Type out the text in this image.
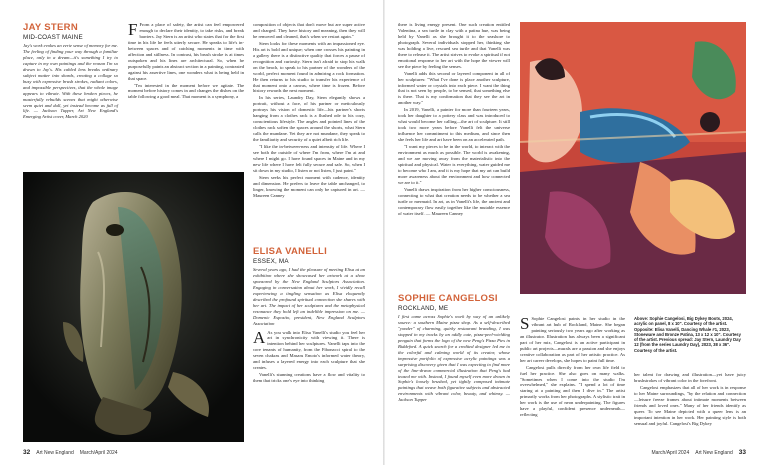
JAY STERN

MID-COAST MAINE

Jay's work evokes an eerie sense of memory for me. The feeling of finding your way through a familiar place, only in a dream—it's something I try to capture in my own paintings and the reason I'm so drawn to Jay's. His cabled lens breaks ordinary subject matter into shards, creating a collage so busy with expressive brush strokes, radiant colors, and impossible perspectives, that the whole image appears to vibrate. With these broken pieces, he masterfully rebuilds scenes that might otherwise seem quiet and dull, yet instead become as full of life. — Jackson Tupper, Art New England's Emerging Artist cover, March 2020

F From a place of safety, the artist can feel empowered enough to declare their identity, to take risks, and break barriers. Jay Stern is an artist who states that for the first time in his life he feels utterly secure. He speaks to life's in-between spaces and of catching moments in time with affection and stillness. In contrast, his brush stroke is at times outspoken and his lines are architectural. So, when he purposefully paints an abstract section in a painting, contrasted against his assertive lines, one wonders what is being held in that space.

"I'm interested in the moment before we agitate. The moment before history comes in and changes the dishes on the table following a good meal. That moment is a symphony, a

composition of objects that don't move but are super active and charged. They have history and meaning, then they will be removed and cleaned, that's when we restart again."

Stern looks for these moments with an impassioned eye. His art is bold and unique; when one crosses his painting in a gallery there is a distinctive quality that forces a pause of recognition and curiosity. Stern isn't afraid to stop his walk on the beach, to speak to his partner of the wonders of the world, perfect moment found in admiring a rock formation. He then returns to his studio to transfer his experience of that moment onto a canvas, where time is frozen. Before history rewards the next moment.

In his series, Laundry Day, Stern elegantly shows a portrait, without a face, of his partner or meticulously portrays his vision of domestic life—his partner's shorts hanging from a clothes rack is a flushed ode to his cozy, conscientious lifestyle. The angles and pointed lines of the clothes rack soften the spaces around the shorts, what Stern calls the mundane. Yet they are not mundane, they speak to the familiarity and security of a quiet albeit rich life.

"I like the in-between-ness and intensity of life. Where I see both the outside of where I'm from, where I'm at and where I might go. I have found spaces in Maine and in my new life where I have felt fully secure and safe. So, when I sit down in my studio, I listen or not listen, I just paint."

Stern seeks his perfect moment with cadence, identity and dimension. He prefers to leave the table unchanged, to linger, knowing the moment can only be captured in art. — Maureen Canney

ELISA VANELLI

ESSEX, MA

Several years ago, I had the pleasure of meeting Elisa at an exhibition where she showcased her artwork at a show sponsored by the New England Sculptors Association. Engaging in conversation about her work, I vividly recall experiencing a tingling sensation as Elisa eloquently described the profound spiritual connection she shares with her art. The impact of her sculptures and the metaphysical resonance they hold left an indelible impression on me. — Domenic Esposito, president, New England Sculptors Association

A As you walk into Elisa Vanelli's studio you feel her art in synchronicity with viewing it. There is intention behind her sculptures. Vanelli taps into the core tenants of humanity, from the Fibonacci spiral to the seven chakras and Masaru Emoto's informed water theory, and infuses a layered energy into each sculpture that she creates.

Vanelli's stunning creations have a flow and vitality to them that tricks one's eye into thinking

32 Art New England March/April 2024

there is living energy present. One such creation entitled Valentina, a sea turtle in clay with a patina hue, was being held by Vanelli as she brought it to the seashore to photograph. Several individuals stopped her, thinking she was holding a live, rescued sea turtle and that Vanelli was there to release it. The artist strives to evoke a spiritual if not emotional response to her art with the hope the viewer will see the piece by feeling the senses.

Vanelli adds this second or layered component in all of her sculptures: "What I've done is place another sculpture, informed water or crystals into each piece. I want the thing that is not seen by people, to be sensed, that something else is there. That is my confirmation that they see the art in another way."

In 2019, Vanelli, a painter for more than fourteen years, took her daughter to a pottery class and was introduced to what would become her calling—the art of sculpture. It still took two more years before Vanelli felt the universe influence her commitment to this medium, and since then she feels her life and art have been on an accelerated path.

"I want my pieces to be in the world, to interact with the environment as much as possible. The world is awakening, and we are moving away from the materialistic into the spiritual and physical. Water is everything, water guided me to become who I am, and it is my hope that my art can build more awareness about the environment and how connected we are to it."

Vanelli draws inspiration from her higher consciousness, connecting to what that creation needs to be whether a sea turtle or mermaid. In art, as in Vanelli's life, the ancient and contemporary flow easily together like the mutable essence of water itself. — Maureen Canney

SOPHIE CANGELOSI

ROCKLAND, ME

I first came across Sophie's work by way of an unlikely source: a southern Maine pizza shop. As a self-described "yonder" of charming, quirky restaurant branding, I was stopped in my tracks by an oddly cute, pizza-peel-wielding penguin that forms the logo of the new Peng's Pizza Pies in Biddeford. A quick search for a credited designer led me to the colorful and calming world of its creator, whose impressive portfolio of expressive acrylic paintings was a surprising discovery given that I was expecting to find more of the line-drawn commercial illustration that Peng's had teased me with. Instead, I found myself even more drawn in Sophie's loosely brushed, yet tightly composed intimate paintings that weave both figurative subjects and abstracted environments with vibrant color, beauty, and whimsy. — Jackson Tupper

S Sophie Cangelosi paints in her studio in the vibrant art hub of Rockland, Maine. She began painting seriously two years ago after working as an illustrator. Illustration has always been a significant part of her mix, Cangelosi is an active participant in public art projects—murals are a passion and she enjoys creative collaboration as part of her artistic practice. As her art career develops, she hopes to paint full time.

Cangelosi pulls directly from her own life field to fuel her practice. She also goes on many walks. "Sometimes when I come into the studio I'm overwhelmed," she explains. "I spend a lot of time staring at a painting and then I dive in." The artist primarily works from her photographs. A stylistic trait in her work is the use of neon underpainting. The figures have a playful, confident presence underneath—reflecting

Above: Sophie Cangelosi, Big Dykey Boots, 2024, acrylic on panel, 8 x 10". Courtesy of the artist. Opposite: Elisa Vanelli, Dancing Whale #1, 2023, Stoneware and Bronze Patina, 13 x 12 x 10". Courtesy of the artist. Previous spread: Jay Stern, Laundry Day 12 (from the series Laundry Day), 2023, 38 x 36". Courtesy of the artist.

her talent for drawing and illustration—yet have juicy brushstrokes of vibrant color in the forefront.

Cangelosi emphasizes that all of her work is in response to her Maine surroundings, "by the relation and connection—leisure freeze frames about intimate moments between friends and loved ones." Many of her friends identify as queer. To see Maine depicted with a queer lens is an important intention in her work. Her painting style is both sensual and joyful. Cangelosi's Big Dykey

March/April 2024 Art New England 33
